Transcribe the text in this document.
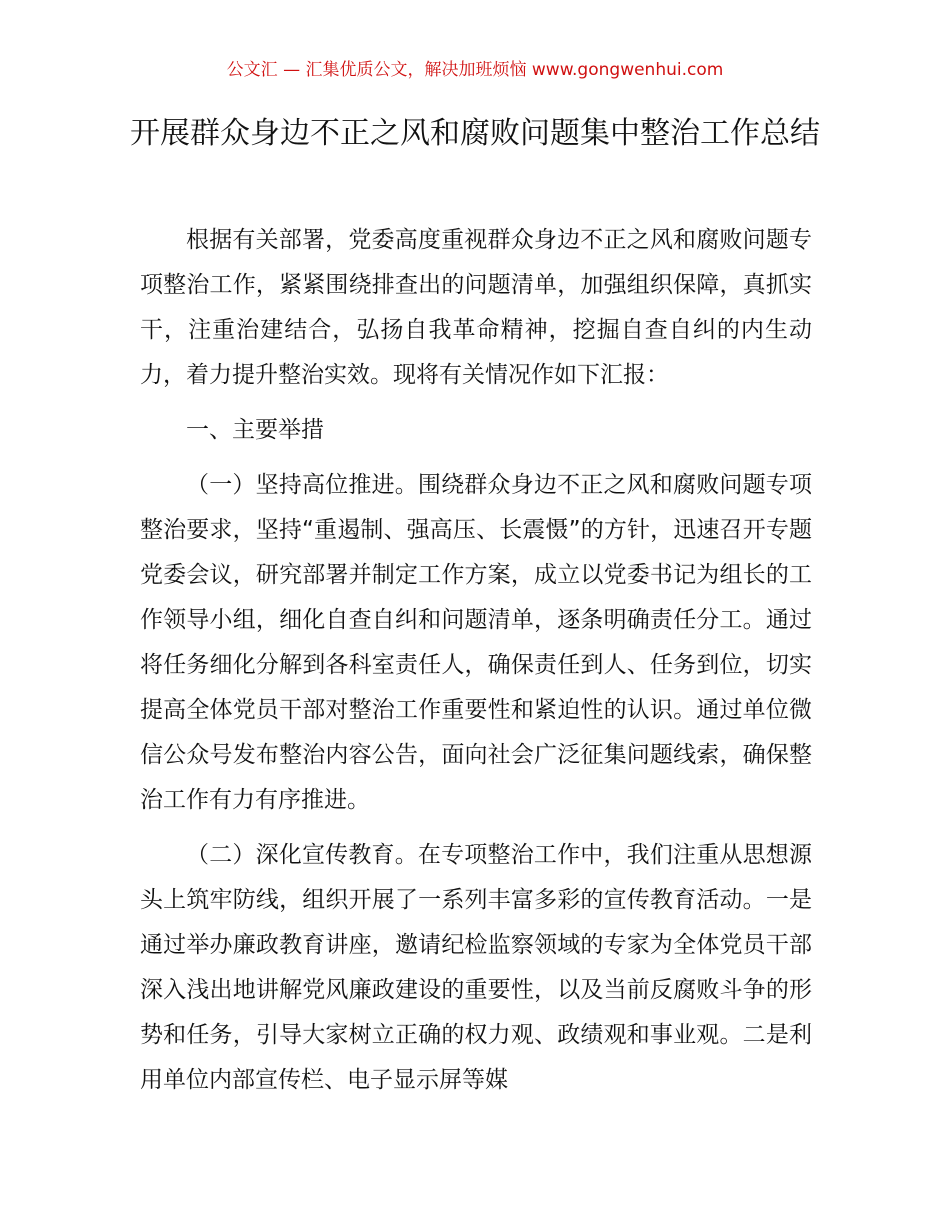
公文汇 — 汇集优质公文，解决加班烦恼 www.gongwenhui.com
开展群众身边不正之风和腐败问题集中整治工作总结

根据有关部署，党委高度重视群众身边不正之风和腐败问题专项整治工作，紧紧围绕排查出的问题清单，加强组织保障，真抓实干，注重治建结合，弘扬自我革命精神，挖掘自查自纠的内生动力，着力提升整治实效。现将有关情况作如下汇报：

一、主要举措

（一）坚持高位推进。围绕群众身边不正之风和腐败问题专项整治要求，坚持“重遏制、强高压、长震慑”的方针，迅速召开专题党委会议，研究部署并制定工作方案，成立以党委书记为组长的工作领导小组，细化自查自纠和问题清单，逐条明确责任分工。通过将任务细化分解到各科室责任人，确保责任到人、任务到位，切实提高全体党员干部对整治工作重要性和紧迫性的认识。通过单位微信公众号发布整治内容公告，面向社会广泛征集问题线索，确保整治工作有力有序推进。

（二）深化宣传教育。在专项整治工作中，我们注重从思想源头上筑牢防线，组织开展了一系列丰富多彩的宣传教育活动。一是通过举办廉政教育讲座，邀请纪检监察领域的专家为全体党员干部深入浅出地讲解党风廉政建设的重要性，以及当前反腐败斗争的形势和任务，引导大家树立正确的权力观、政绩观和事业观。二是利用单位内部宣传栏、电子显示屏等媒
